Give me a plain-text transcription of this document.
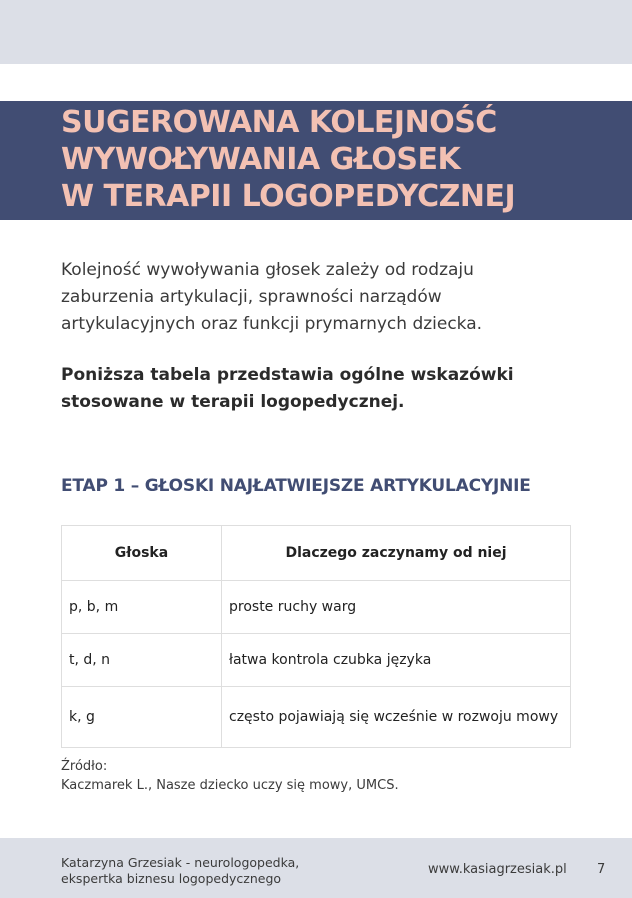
SUGEROWANA KOLEJNOŚĆ
WYWOŁYWANIA GŁOSEK
W TERAPII LOGOPEDYCZNEJ
Kolejność wywoływania głosek zależy od rodzaju zaburzenia artykulacji, sprawności narządów artykulacyjnych oraz funkcji prymarnych dziecka.
Poniższa tabela przedstawia ogólne wskazówki stosowane w terapii logopedycznej.
ETAP 1 – GŁOSKI NAJŁATWIEJSZE ARTYKULACYJNIE
Głoska	Dlaczego zaczynamy od niej
p, b, m	proste ruchy warg
t, d, n	łatwa kontrola czubka języka
k, g	często pojawiają się wcześnie w rozwoju mowy
Źródło:
Kaczmarek L., Nasze dziecko uczy się mowy, UMCS.
Katarzyna Grzesiak - neurologopedka,
ekspertka biznesu logopedycznego
www.kasiagrzesiak.pl 7
